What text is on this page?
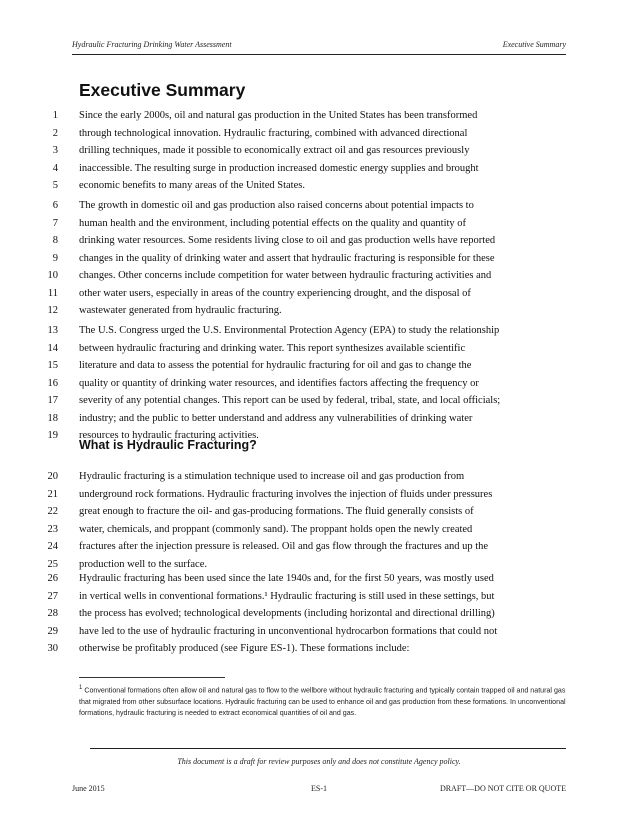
Hydraulic Fracturing Drinking Water Assessment	Executive Summary
Executive Summary
1 Since the early 2000s, oil and natural gas production in the United States has been transformed
2 through technological innovation. Hydraulic fracturing, combined with advanced directional
3 drilling techniques, made it possible to economically extract oil and gas resources previously
4 inaccessible. The resulting surge in production increased domestic energy supplies and brought
5 economic benefits to many areas of the United States.
6 The growth in domestic oil and gas production also raised concerns about potential impacts to
7 human health and the environment, including potential effects on the quality and quantity of
8 drinking water resources. Some residents living close to oil and gas production wells have reported
9 changes in the quality of drinking water and assert that hydraulic fracturing is responsible for these
10 changes. Other concerns include competition for water between hydraulic fracturing activities and
11 other water users, especially in areas of the country experiencing drought, and the disposal of
12 wastewater generated from hydraulic fracturing.
13 The U.S. Congress urged the U.S. Environmental Protection Agency (EPA) to study the relationship
14 between hydraulic fracturing and drinking water. This report synthesizes available scientific
15 literature and data to assess the potential for hydraulic fracturing for oil and gas to change the
16 quality or quantity of drinking water resources, and identifies factors affecting the frequency or
17 severity of any potential changes. This report can be used by federal, tribal, state, and local officials;
18 industry; and the public to better understand and address any vulnerabilities of drinking water
19 resources to hydraulic fracturing activities.
What is Hydraulic Fracturing?
20 Hydraulic fracturing is a stimulation technique used to increase oil and gas production from
21 underground rock formations. Hydraulic fracturing involves the injection of fluids under pressures
22 great enough to fracture the oil- and gas-producing formations. The fluid generally consists of
23 water, chemicals, and proppant (commonly sand). The proppant holds open the newly created
24 fractures after the injection pressure is released. Oil and gas flow through the fractures and up the
25 production well to the surface.
26 Hydraulic fracturing has been used since the late 1940s and, for the first 50 years, was mostly used
27 in vertical wells in conventional formations.¹ Hydraulic fracturing is still used in these settings, but
28 the process has evolved; technological developments (including horizontal and directional drilling)
29 have led to the use of hydraulic fracturing in unconventional hydrocarbon formations that could not
30 otherwise be profitably produced (see Figure ES-1). These formations include:
$^1$ Conventional formations often allow oil and natural gas to flow to the wellbore without hydraulic fracturing and typically contain trapped oil and natural gas that migrated from other subsurface locations. Hydraulic fracturing can be used to enhance oil and gas production from these formations. In unconventional formations, hydraulic fracturing is needed to extract economical quantities of oil and gas.
This document is a draft for review purposes only and does not constitute Agency policy.
June 2015	ES-1	DRAFT—DO NOT CITE OR QUOTE
